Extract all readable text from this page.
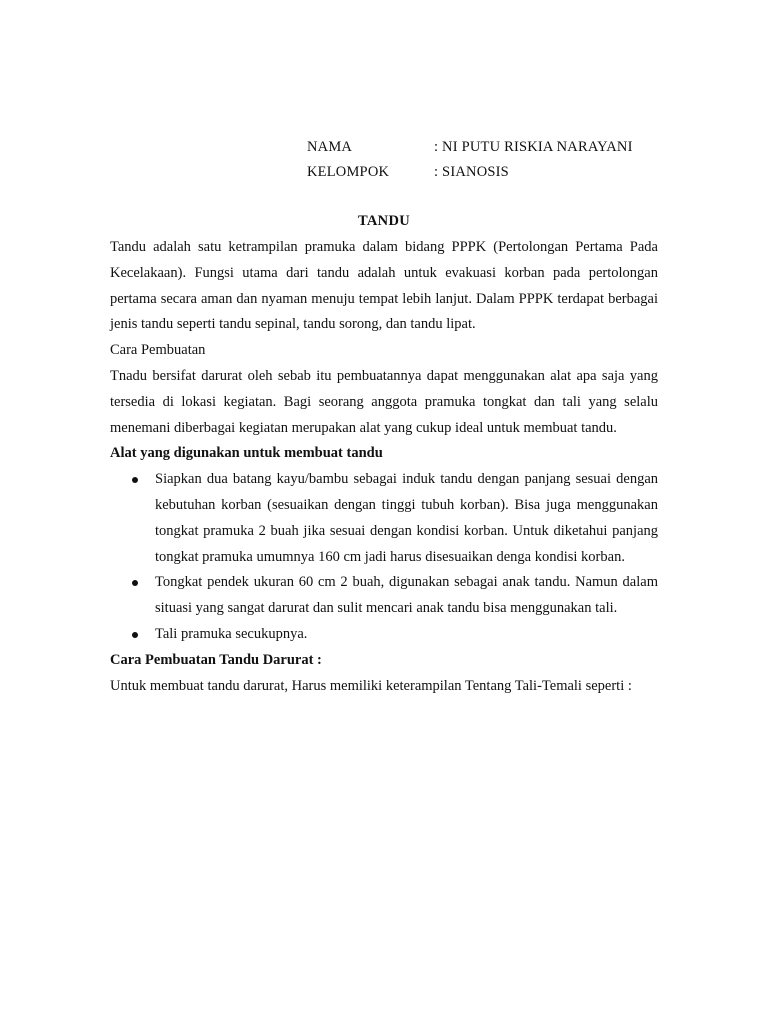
NAMA	: NI PUTU RISKIA NARAYANI
KELOMPOK	: SIANOSIS
TANDU

Tandu adalah satu ketrampilan pramuka dalam bidang PPPK (Pertolongan Pertama Pada Kecelakaan). Fungsi utama dari tandu adalah untuk evakuasi korban pada pertolongan pertama secara aman dan nyaman menuju tempat lebih lanjut. Dalam PPPK terdapat berbagai jenis tandu seperti tandu sepinal, tandu sorong, dan tandu lipat.

Cara Pembuatan

Tnadu bersifat darurat oleh sebab itu pembuatannya dapat menggunakan alat apa saja yang tersedia di lokasi kegiatan. Bagi seorang anggota pramuka tongkat dan tali yang selalu menemani diberbagai kegiatan merupakan alat yang cukup ideal untuk membuat tandu.

Alat yang digunakan untuk membuat tandu

Siapkan dua batang kayu/bambu sebagai induk tandu dengan panjang sesuai dengan kebutuhan korban (sesuaikan dengan tinggi tubuh korban). Bisa juga menggunakan tongkat pramuka 2 buah jika sesuai dengan kondisi korban. Untuk diketahui panjang tongkat pramuka umumnya 160 cm jadi harus disesuaikan denga kondisi korban.
Tongkat pendek ukuran 60 cm 2 buah, digunakan sebagai anak tandu. Namun dalam situasi yang sangat darurat dan sulit mencari anak tandu bisa menggunakan tali.
Tali pramuka secukupnya.

Cara Pembuatan Tandu Darurat :

Untuk membuat tandu darurat, Harus memiliki keterampilan Tentang Tali-Temali seperti :
